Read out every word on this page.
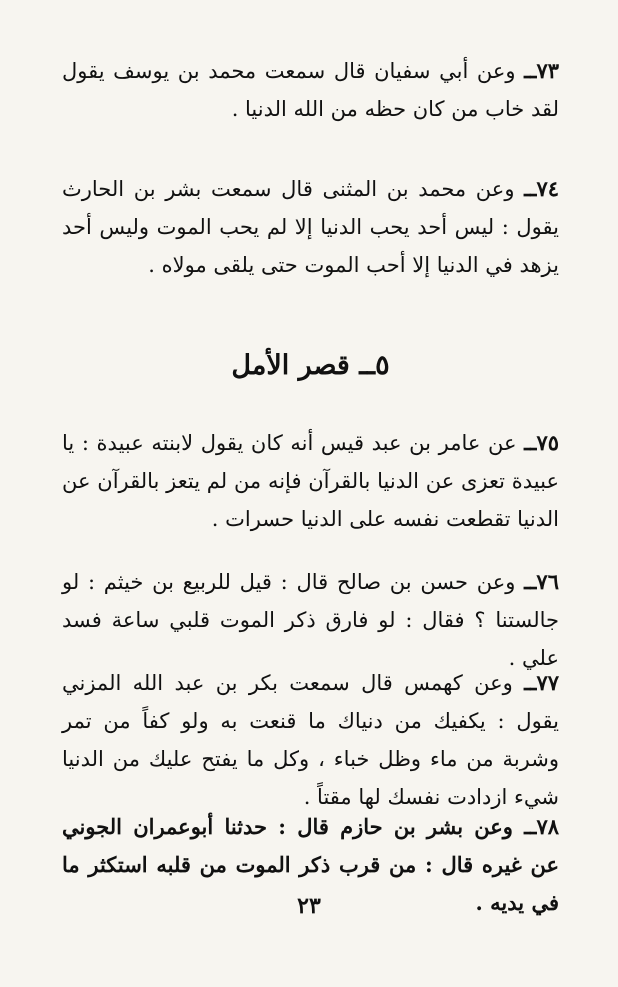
٧٣ــ وعن أبي سفيان قال سمعت محمد بن يوسف يقول لقد خاب من كان حظه من الله الدنيا .

٧٤ــ وعن محمد بن المثنى قال سمعت بشر بن الحارث يقول : ليس أحد يحب الدنيا إلا لم يحب الموت وليس أحد يزهد في الدنيا إلا أحب الموت حتى يلقى مولاه .

٥ــ قصر الأمل

٧٥ــ عن عامر بن عبد قيس أنه كان يقول لابنته عبيدة : يا عبيدة تعزى عن الدنيا بالقرآن فإنه من لم يتعز بالقرآن عن الدنيا تقطعت نفسه على الدنيا حسرات .

٧٦ــ وعن حسن بن صالح قال : قيل للربيع بن خيثم : لو جالستنا ؟ فقال : لو فارق ذكر الموت قلبي ساعة فسد علي .

٧٧ــ وعن كهمس قال سمعت بكر بن عبد الله المزني يقول : يكفيك من دنياك ما قنعت به ولو كفاً من تمر وشربة من ماء وظل خباء ، وكل ما يفتح عليك من الدنيا شيء ازدادت نفسك لها مقتاً .

٧٨ــ وعن بشر بن حازم قال : حدثنا أبوعمران الجوني عن غيره قال : من قرب ذكر الموت من قلبه استكثر ما في يديه .

٢٣
